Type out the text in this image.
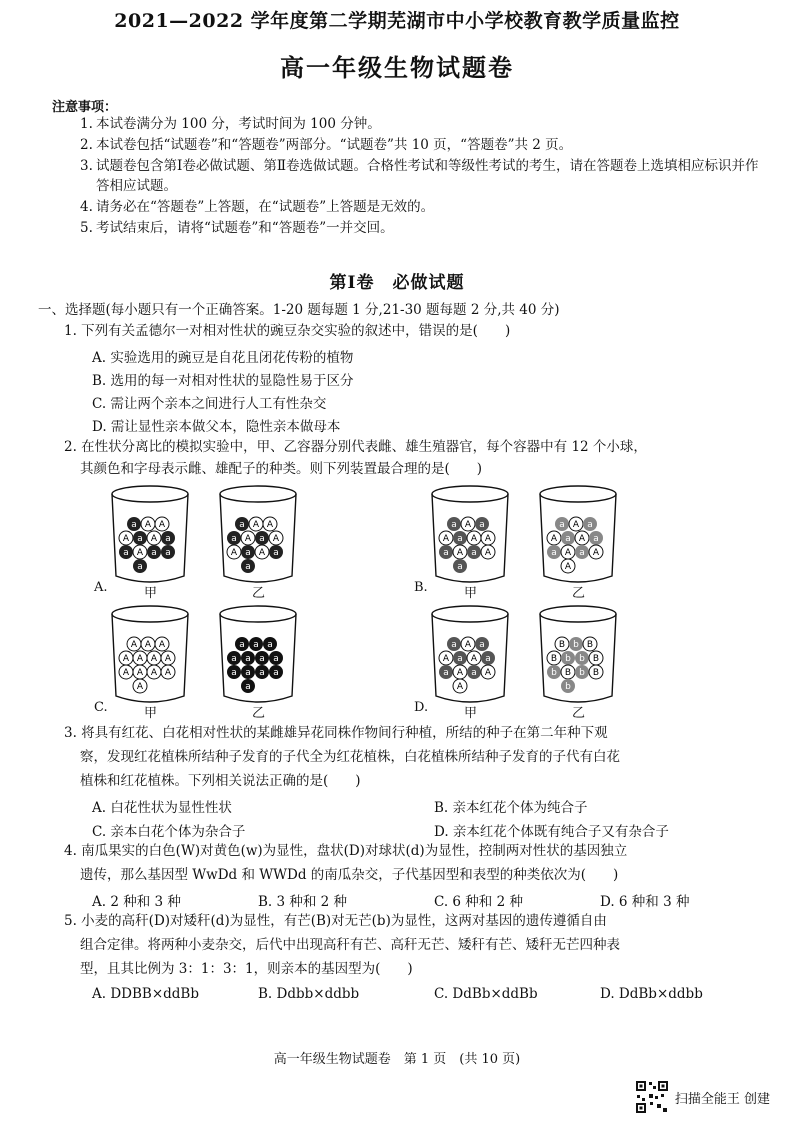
2021—2022 学年度第二学期芜湖市中小学校教育教学质量监控
高一年级生物试题卷
注意事项：
1. 本试卷满分为 100 分，考试时间为 100 分钟。
2. 本试卷包括“试题卷”和“答题卷”两部分。“试题卷”共 10 页，“答题卷”共 2 页。
3. 试题卷包含第Ⅰ卷必做试题、第Ⅱ卷选做试题。合格性考试和等级性考试的考生，请在答题卷上选填相应标识并作答相应试题。
4. 请务必在“答题卷”上答题，在“试题卷”上答题是无效的。
5. 考试结束后，请将“试题卷”和“答题卷”一并交回。
第Ⅰ卷　必做试题
一、选择题(每小题只有一个正确答案。1-20 题每题 1 分,21-30 题每题 2 分,共 40 分)
1. 下列有关孟德尔一对相对性状的豌豆杂交实验的叙述中，错误的是(　　)
A. 实验选用的豌豆是自花且闭花传粉的植物
B. 选用的每一对相对性状的显隐性易于区分
C. 需让两个亲本之间进行人工有性杂交
D. 需让显性亲本做父本，隐性亲本做母本
2. 在性状分离比的模拟实验中，甲、乙容器分别代表雌、雄生殖器官，每个容器中有 12 个小球，
其颜色和字母表示雌、雄配子的种类。则下列装置最合理的是(　　)
a A A
A a A a
a A a a
a
a A A
a A a A
A a A a
a
a A a
A a A A
a A a A
a
a A a
A a A a
a A a A
A
A A A
A A A A
A A A A
A
a a a
a a a a
a a a a
a
a A a
A a A a
a A a A
A
B b B
B b b B
b B b B
b
A.	甲	乙	B.	甲	乙
C.	甲	乙	D.	甲	乙
3. 将具有红花、白花相对性状的某雌雄异花同株作物间行种植，所结的种子在第二年种下观
察，发现红花植株所结种子发育的子代全为红花植株，白花植株所结种子发育的子代有白花
植株和红花植株。下列相关说法正确的是(　　)
A. 白花性状为显性性状	B. 亲本红花个体为纯合子
C. 亲本白花个体为杂合子	D. 亲本红花个体既有纯合子又有杂合子
4. 南瓜果实的白色(W)对黄色(w)为显性，盘状(D)对球状(d)为显性，控制两对性状的基因独立
遗传，那么基因型 WwDd 和 WWDd 的南瓜杂交，子代基因型和表型的种类依次为(　　)
A. 2 种和 3 种	B. 3 种和 2 种	C. 6 种和 2 种	D. 6 种和 3 种
5. 小麦的高秆(D)对矮秆(d)为显性，有芒(B)对无芒(b)为显性，这两对基因的遗传遵循自由
组合定律。将两种小麦杂交，后代中出现高秆有芒、高秆无芒、矮秆有芒、矮秆无芒四种表
型，且其比例为 3：1：3：1，则亲本的基因型为(　　)
A. DDBB×ddBb	B. Ddbb×ddbb	C. DdBb×ddBb	D. DdBb×ddbb
高一年级生物试题卷　第 1 页　(共 10 页)
扫描全能王 创建
